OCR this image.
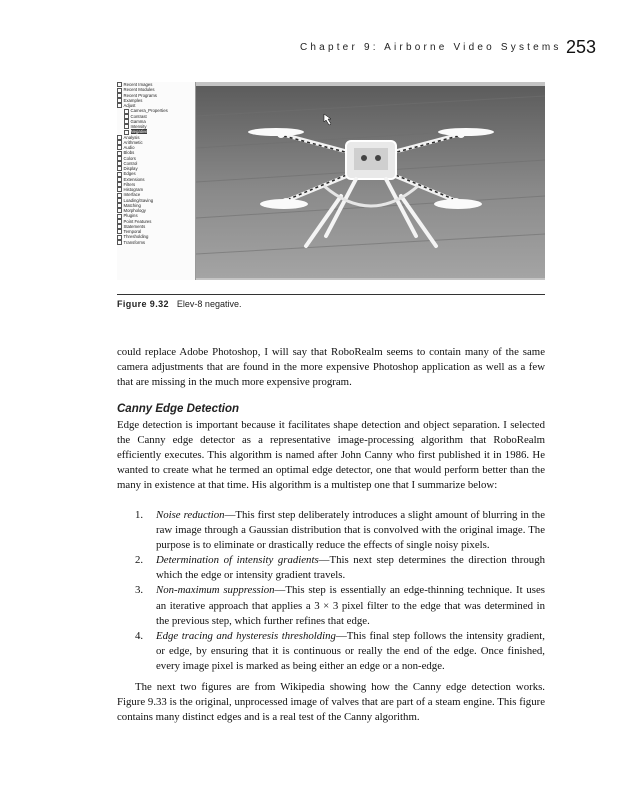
Chapter 9: Airborne Video Systems 253
Recent Images
Recent Modules
Recent Programs
Examples
Adjust
Camera_Properties
Contrast
Gamma
Intensity
Negative
Analysis
Arithmetic
Audio
Blobs
Colors
Control
Display
Edges
Extensions
Filters
Histogram
Interface
Loading/Saving
Matching
Morphology
Plugins
Point Features
Statements
Temporal
Thresholding
Transforms
Figure 9.32 Elev-8 negative.

could replace Adobe Photoshop, I will say that RoboRealm seems to contain many of the same camera adjustments that are found in the more expensive Photoshop application as well as a few that are missing in the much more expensive program.

Canny Edge Detection

Edge detection is important because it facilitates shape detection and object separation. I selected the Canny edge detector as a representative image-processing algorithm that RoboRealm efficiently executes. This algorithm is named after John Canny who first published it in 1986. He wanted to create what he termed an optimal edge detector, one that would perform better than the many in existence at that time. His algorithm is a multistep one that I summarize below:

1. Noise reduction—This first step deliberately introduces a slight amount of blurring in the raw image through a Gaussian distribution that is convolved with the original image. The purpose is to eliminate or drastically reduce the effects of single noisy pixels.
2. Determination of intensity gradients—This next step determines the direction through which the edge or intensity gradient travels.
3. Non-maximum suppression—This step is essentially an edge-thinning technique. It uses an iterative approach that applies a 3 × 3 pixel filter to the edge that was determined in the previous step, which further refines that edge.
4. Edge tracing and hysteresis thresholding—This final step follows the intensity gradient, or edge, by ensuring that it is continuous or really the end of the edge. Once finished, every image pixel is marked as being either an edge or a non-edge.

The next two figures are from Wikipedia showing how the Canny edge detection works. Figure 9.33 is the original, unprocessed image of valves that are part of a steam engine. This figure contains many distinct edges and is a real test of the Canny algorithm.
